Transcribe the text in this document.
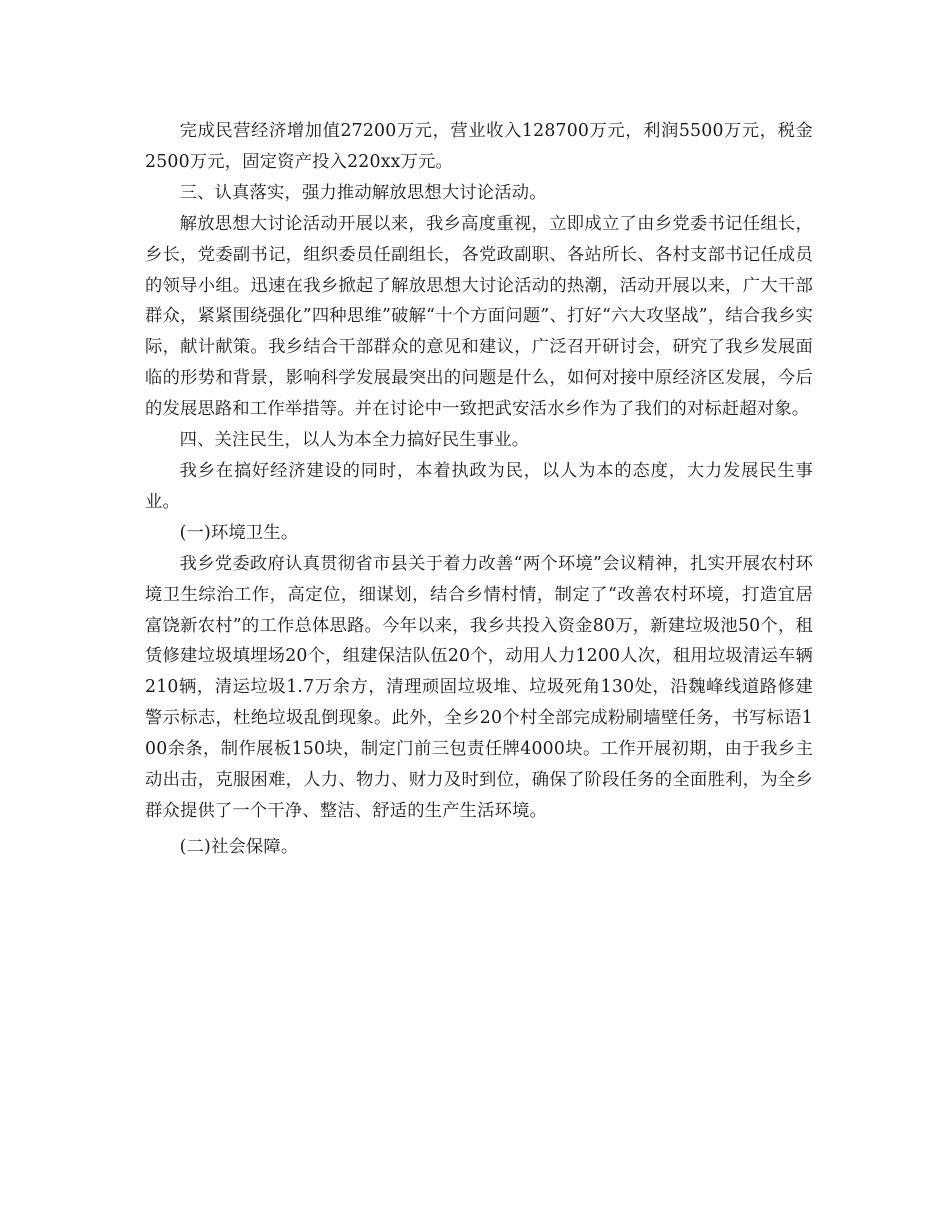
完成民营经济增加值27200万元，营业收入128700万元，利润5500万元，税金2500万元，固定资产投入220xx万元。

三、认真落实，强力推动解放思想大讨论活动。

解放思想大讨论活动开展以来，我乡高度重视，立即成立了由乡党委书记任组长，乡长，党委副书记，组织委员任副组长，各党政副职、各站所长、各村支部书记任成员的领导小组。迅速在我乡掀起了解放思想大讨论活动的热潮，活动开展以来，广大干部群众，紧紧围绕强化”四种思维”破解“十个方面问题”、打好“六大攻坚战”，结合我乡实际，献计献策。我乡结合干部群众的意见和建议，广泛召开研讨会，研究了我乡发展面临的形势和背景，影响科学发展最突出的问题是什么，如何对接中原经济区发展，今后的发展思路和工作举措等。并在讨论中一致把武安活水乡作为了我们的对标赶超对象。

四、关注民生，以人为本全力搞好民生事业。

我乡在搞好经济建设的同时，本着执政为民，以人为本的态度，大力发展民生事业。

(一)环境卫生。

我乡党委政府认真贯彻省市县关于着力改善“两个环境”会议精神，扎实开展农村环境卫生综治工作，高定位，细谋划，结合乡情村情，制定了“改善农村环境，打造宜居富饶新农村”的工作总体思路。今年以来，我乡共投入资金80万，新建垃圾池50个，租赁修建垃圾填埋场20个，组建保洁队伍20个，动用人力1200人次，租用垃圾清运车辆210辆，清运垃圾1.7万余方，清理顽固垃圾堆、垃圾死角130处，沿魏峰线道路修建警示标志，杜绝垃圾乱倒现象。此外，全乡20个村全部完成粉刷墙壁任务，书写标语100余条，制作展板150块，制定门前三包责任牌4000块。工作开展初期，由于我乡主动出击，克服困难，人力、物力、财力及时到位，确保了阶段任务的全面胜利，为全乡群众提供了一个干净、整洁、舒适的生产生活环境。

(二)社会保障。
